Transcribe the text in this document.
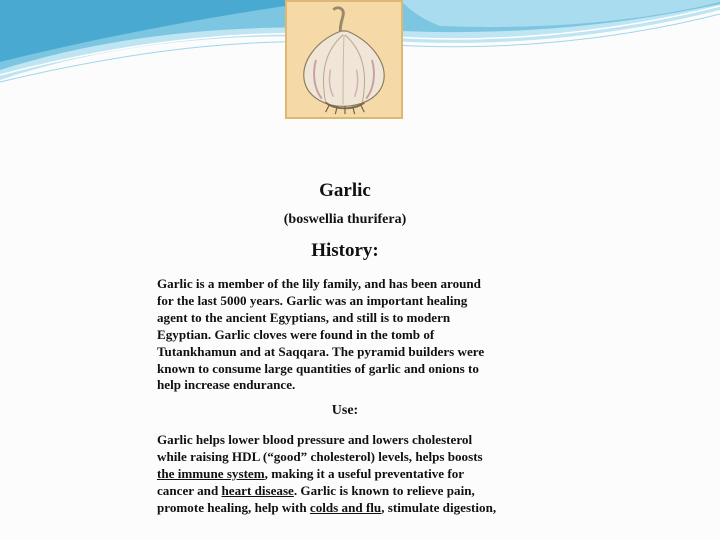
Garlic
(boswellia thurifera)
History:
Garlic is a member of the lily family, and has been around
for the last 5000 years. Garlic was an important healing
agent to the ancient Egyptians, and still is to modern
Egyptian. Garlic cloves were found in the tomb of
Tutankhamun and at Saqqara. The pyramid builders were
known to consume large quantities of garlic and onions to
help increase endurance.
Use:
Garlic helps lower blood pressure and lowers cholesterol
while raising HDL (“good” cholesterol) levels, helps boosts
the immune system, making it a useful preventative for
cancer and heart disease. Garlic is known to relieve pain,
promote healing, help with colds and flu, stimulate digestion,
